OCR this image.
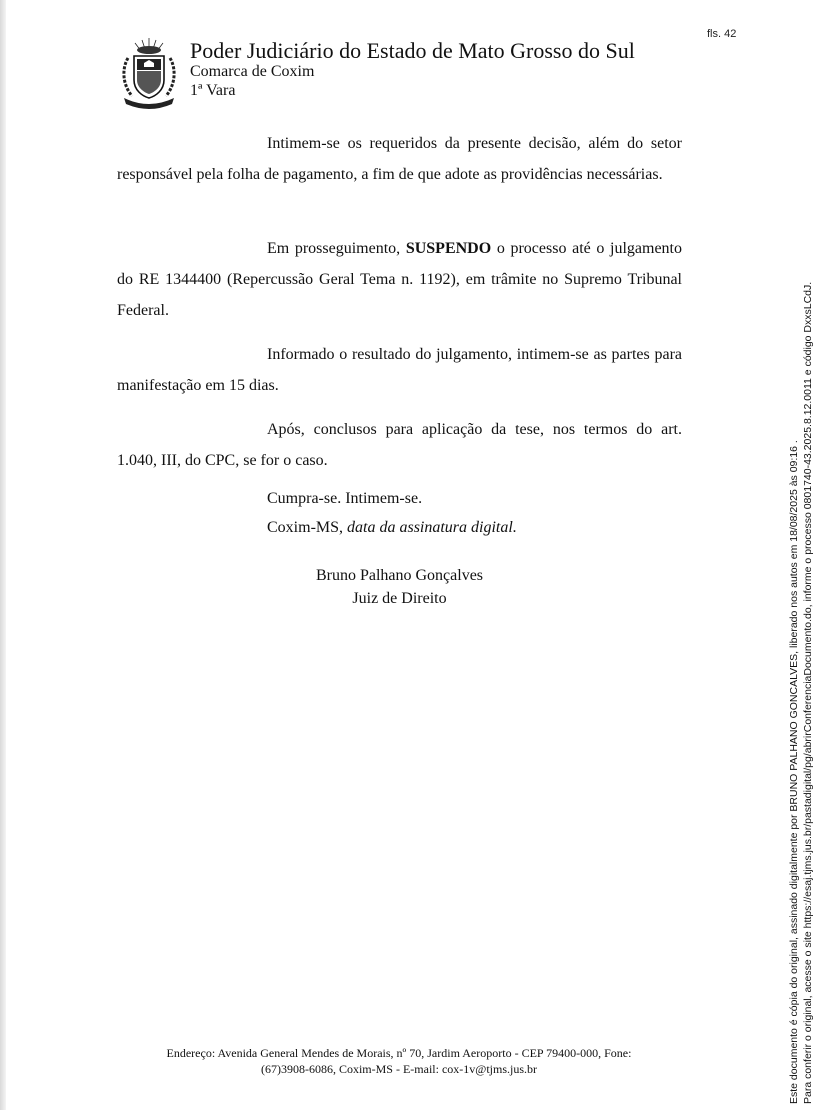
fls. 42
Poder Judiciário do Estado de Mato Grosso do Sul
Comarca de Coxim
1ª Vara
Intimem-se os requeridos da presente decisão, além do setor responsável pela folha de pagamento, a fim de que adote as providências necessárias.
Em prosseguimento, SUSPENDO o processo até o julgamento do RE 1344400 (Repercussão Geral Tema n. 1192), em trâmite no Supremo Tribunal Federal.
Informado o resultado do julgamento, intimem-se as partes para manifestação em 15 dias.
Após, conclusos para aplicação da tese, nos termos do art. 1.040, III, do CPC, se for o caso.
Cumpra-se. Intimem-se.
Coxim-MS, data da assinatura digital.
Bruno Palhano Gonçalves
Juiz de Direito
Endereço: Avenida General Mendes de Morais, nº 70, Jardim Aeroporto - CEP 79400-000, Fone:
(67)3908-6086, Coxim-MS - E-mail: cox-1v@tjms.jus.br	Este documento é cópia do original, assinado digitalmente por BRUNO PALHANO GONCALVES, liberado nos autos em 18/08/2025 às 09:16 . Para conferir o original, acesse o site https://esaj.tjms.jus.br/pastadigital/pg/abrirConferenciaDocumento.do, informe o processo 0801740-43.2025.8.12.0011 e código DxxsLCdJ.
